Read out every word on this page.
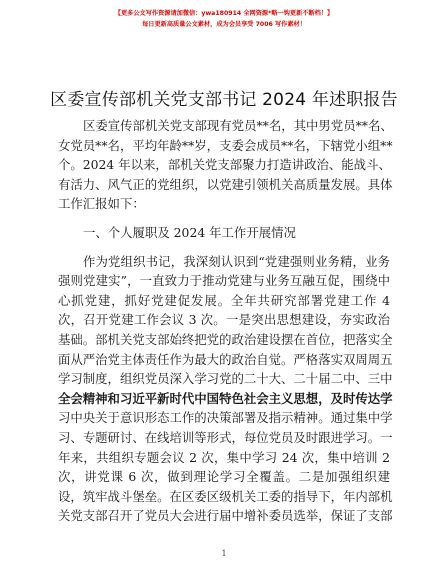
【更多公文写作资源请加微信：ywa180914 全网资源*略一钩更新不断档！】
每日更新高质量公文素材，成为会员享受 7006 写作素材！
区委宣传部机关党支部书记 2024 年述职报告
区委宣传部机关党支部现有党员**名，其中男党员**名、
女党员**名，平均年龄**岁，支委会成员**名，下辖党小组**
个。2024 年以来，部机关党支部聚力打造讲政治、能战斗、
有活力、风气正的党组织，以党建引领机关高质量发展。具体
工作汇报如下：
一、个人履职及 2024 年工作开展情况
作为党组织书记，我深刻认识到“党建强则业务精，业务
强则党建实”，一直致力于推动党建与业务互融互促，围绕中
心抓党建，抓好党建促发展。全年共研究部署党建工作 4
次，召开党建工作会议 3 次。一是突出思想建设，夯实政治
基础。部机关党支部始终把党的政治建设摆在首位，把落实全
面从严治党主体责任作为最大的政治自觉。严格落实双周周五
学习制度，组织党员深入学习党的二十大、二十届二中、三中
全会精神和习近平新时代中国特色社会主义思想，及时传达学
习中央关于意识形态工作的决策部署及指示精神。通过集中学
习、专题研讨、在线培训等形式，每位党员及时跟进学习。一
年来，共组织专题会议 2 次，集中学习 24 次，集中培训 2
次，讲党课 6 次，做到理论学习全覆盖。二是加强组织建
设，筑牢战斗堡垒。在区委区级机关工委的指导下，年内部机
关党支部召开了党员大会进行届中增补委员选举，保证了支部
1
